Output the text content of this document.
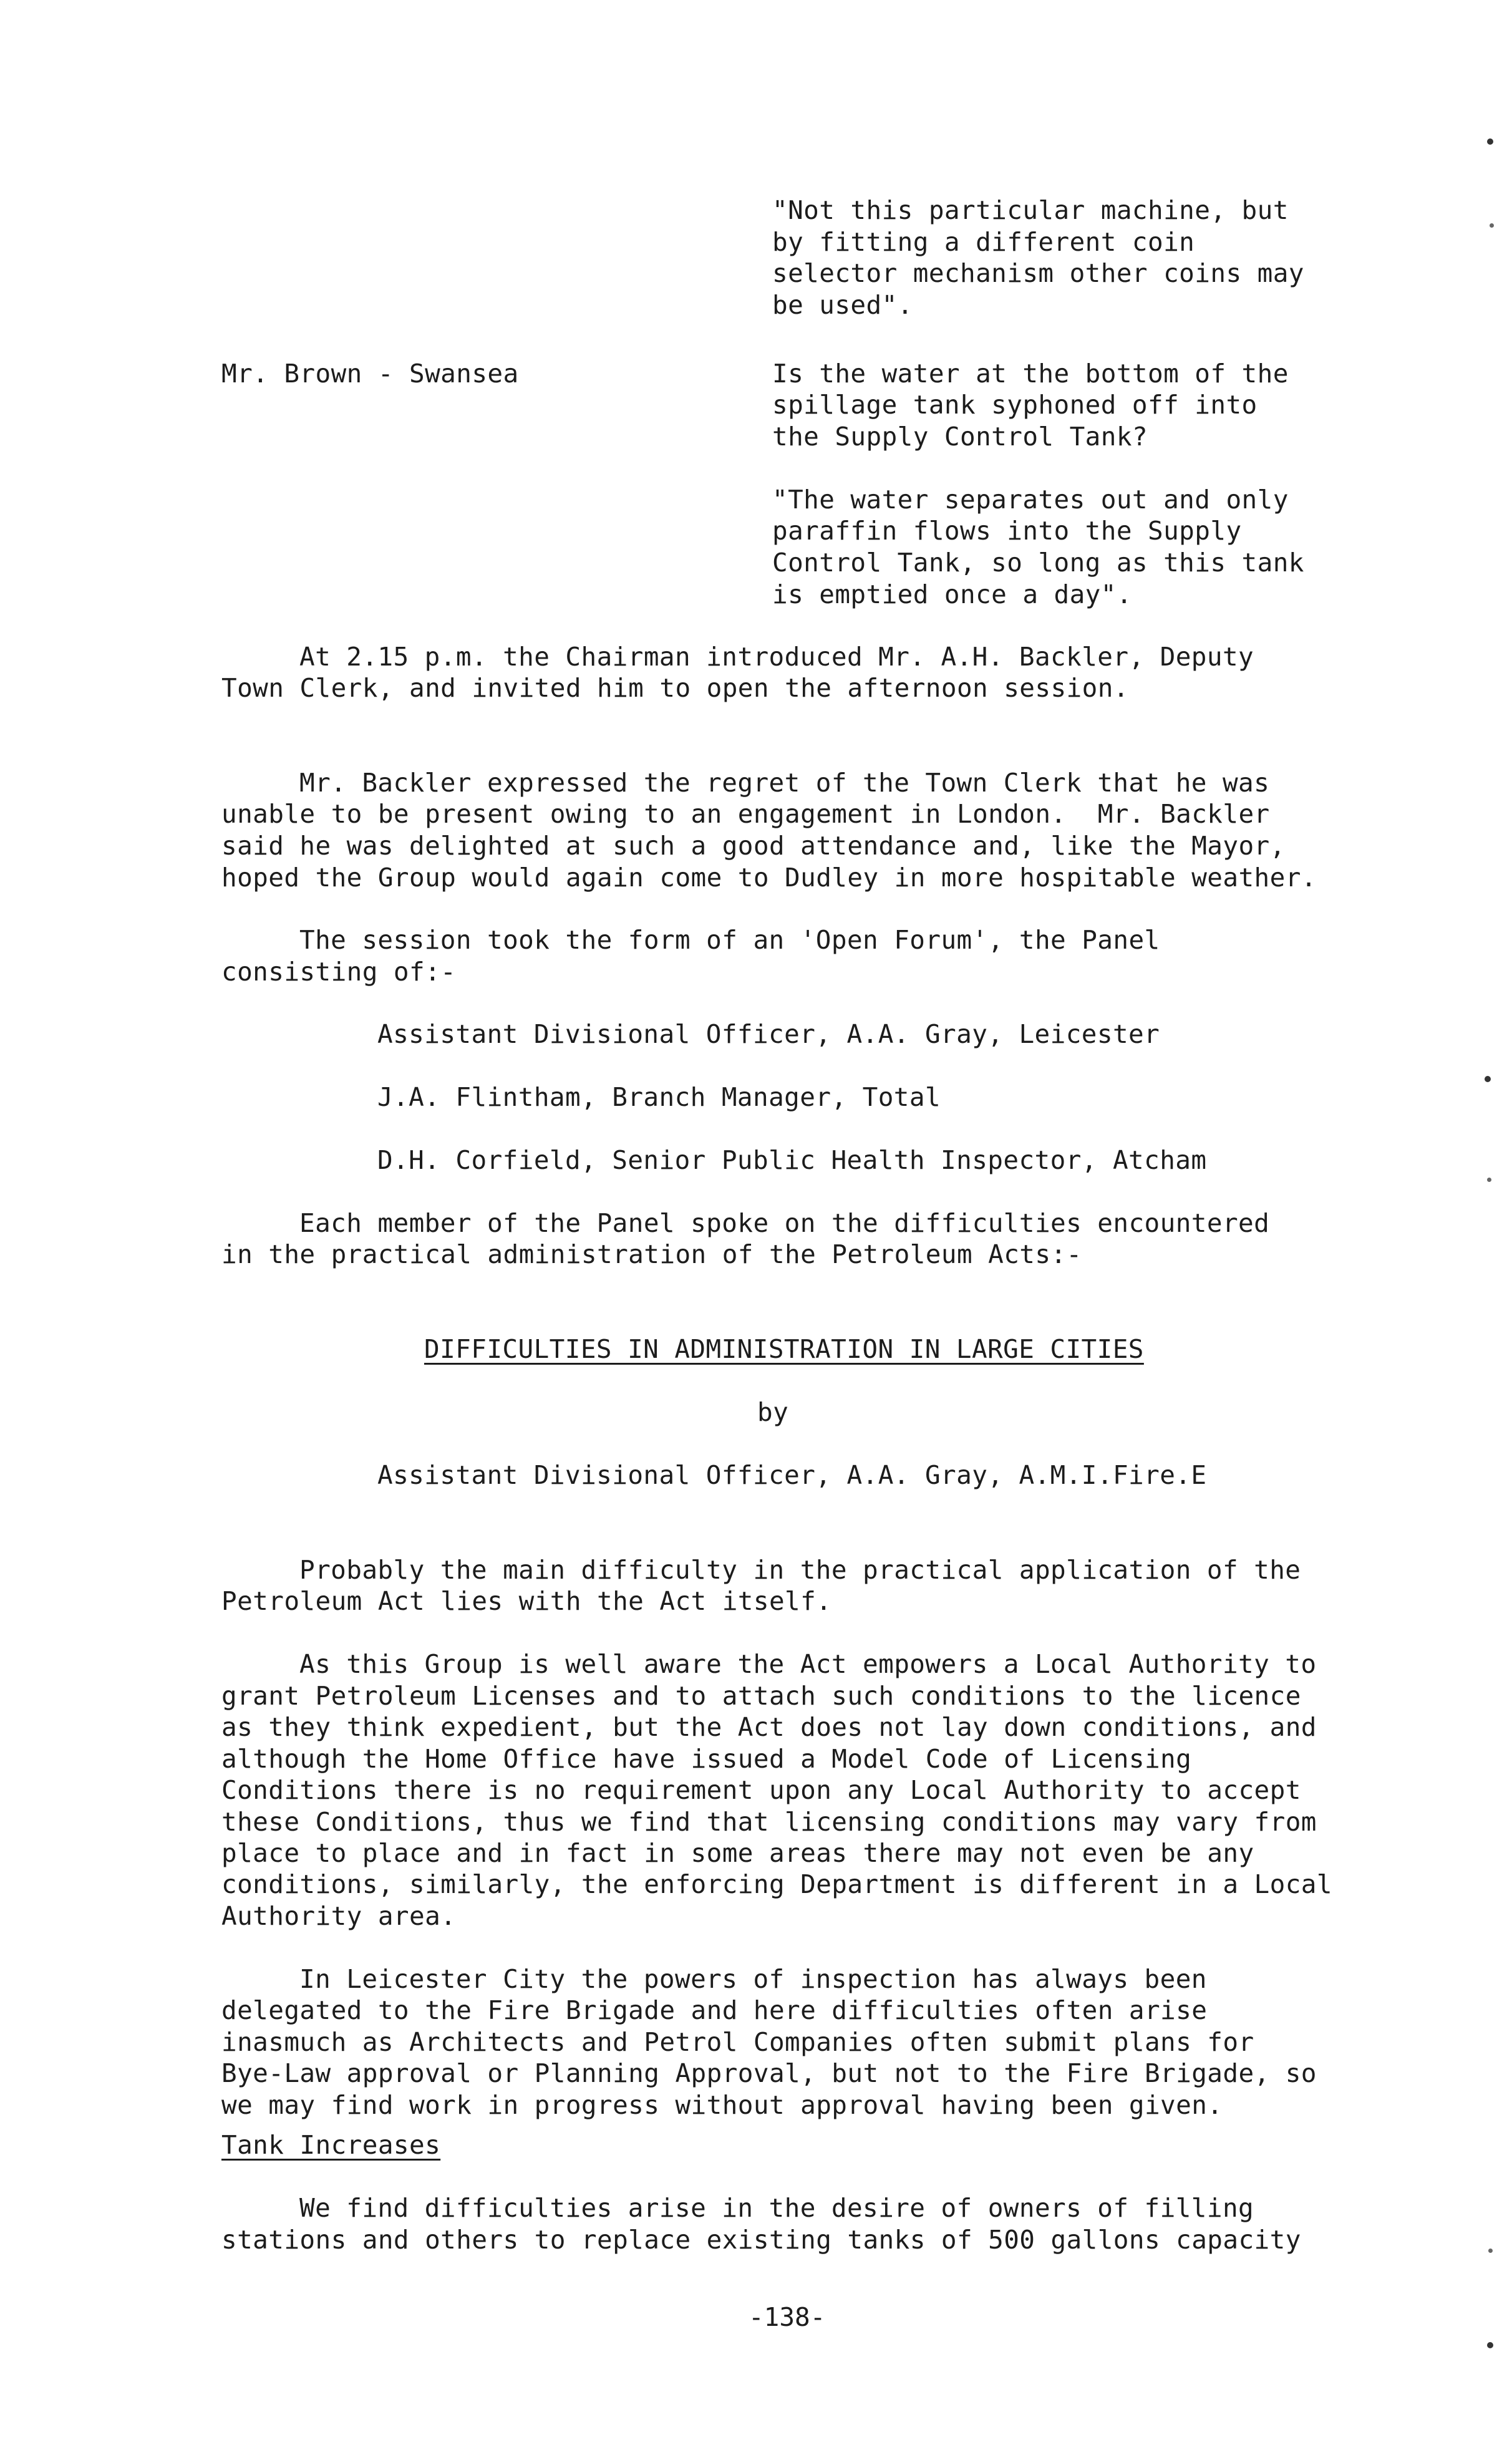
"Not this particular machine, but
by fitting a different coin
selector mechanism other coins may
be used".
Mr. Brown - Swansea	Is the water at the bottom of the
spillage tank syphoned off into
the Supply Control Tank?
"The water separates out and only
paraffin flows into the Supply
Control Tank, so long as this tank
is emptied once a day".
At 2.15 p.m. the Chairman introduced Mr. A.H. Backler, Deputy
Town Clerk, and invited him to open the afternoon session.
Mr. Backler expressed the regret of the Town Clerk that he was
unable to be present owing to an engagement in London.  Mr. Backler
said he was delighted at such a good attendance and, like the Mayor,
hoped the Group would again come to Dudley in more hospitable weather.
The session took the form of an 'Open Forum', the Panel
consisting of:-
Assistant Divisional Officer, A.A. Gray, Leicester
J.A. Flintham, Branch Manager, Total
D.H. Corfield, Senior Public Health Inspector, Atcham
Each member of the Panel spoke on the difficulties encountered
in the practical administration of the Petroleum Acts:-
DIFFICULTIES IN ADMINISTRATION IN LARGE CITIES
by
Assistant Divisional Officer, A.A. Gray, A.M.I.Fire.E
Probably the main difficulty in the practical application of the
Petroleum Act lies with the Act itself.
As this Group is well aware the Act empowers a Local Authority to
grant Petroleum Licenses and to attach such conditions to the licence
as they think expedient, but the Act does not lay down conditions, and
although the Home Office have issued a Model Code of Licensing
Conditions there is no requirement upon any Local Authority to accept
these Conditions, thus we find that licensing conditions may vary from
place to place and in fact in some areas there may not even be any
conditions, similarly, the enforcing Department is different in a Local
Authority area.
In Leicester City the powers of inspection has always been
delegated to the Fire Brigade and here difficulties often arise
inasmuch as Architects and Petrol Companies often submit plans for
Bye-Law approval or Planning Approval, but not to the Fire Brigade, so
we may find work in progress without approval having been given.
Tank Increases
We find difficulties arise in the desire of owners of filling
stations and others to replace existing tanks of 500 gallons capacity
-138-
